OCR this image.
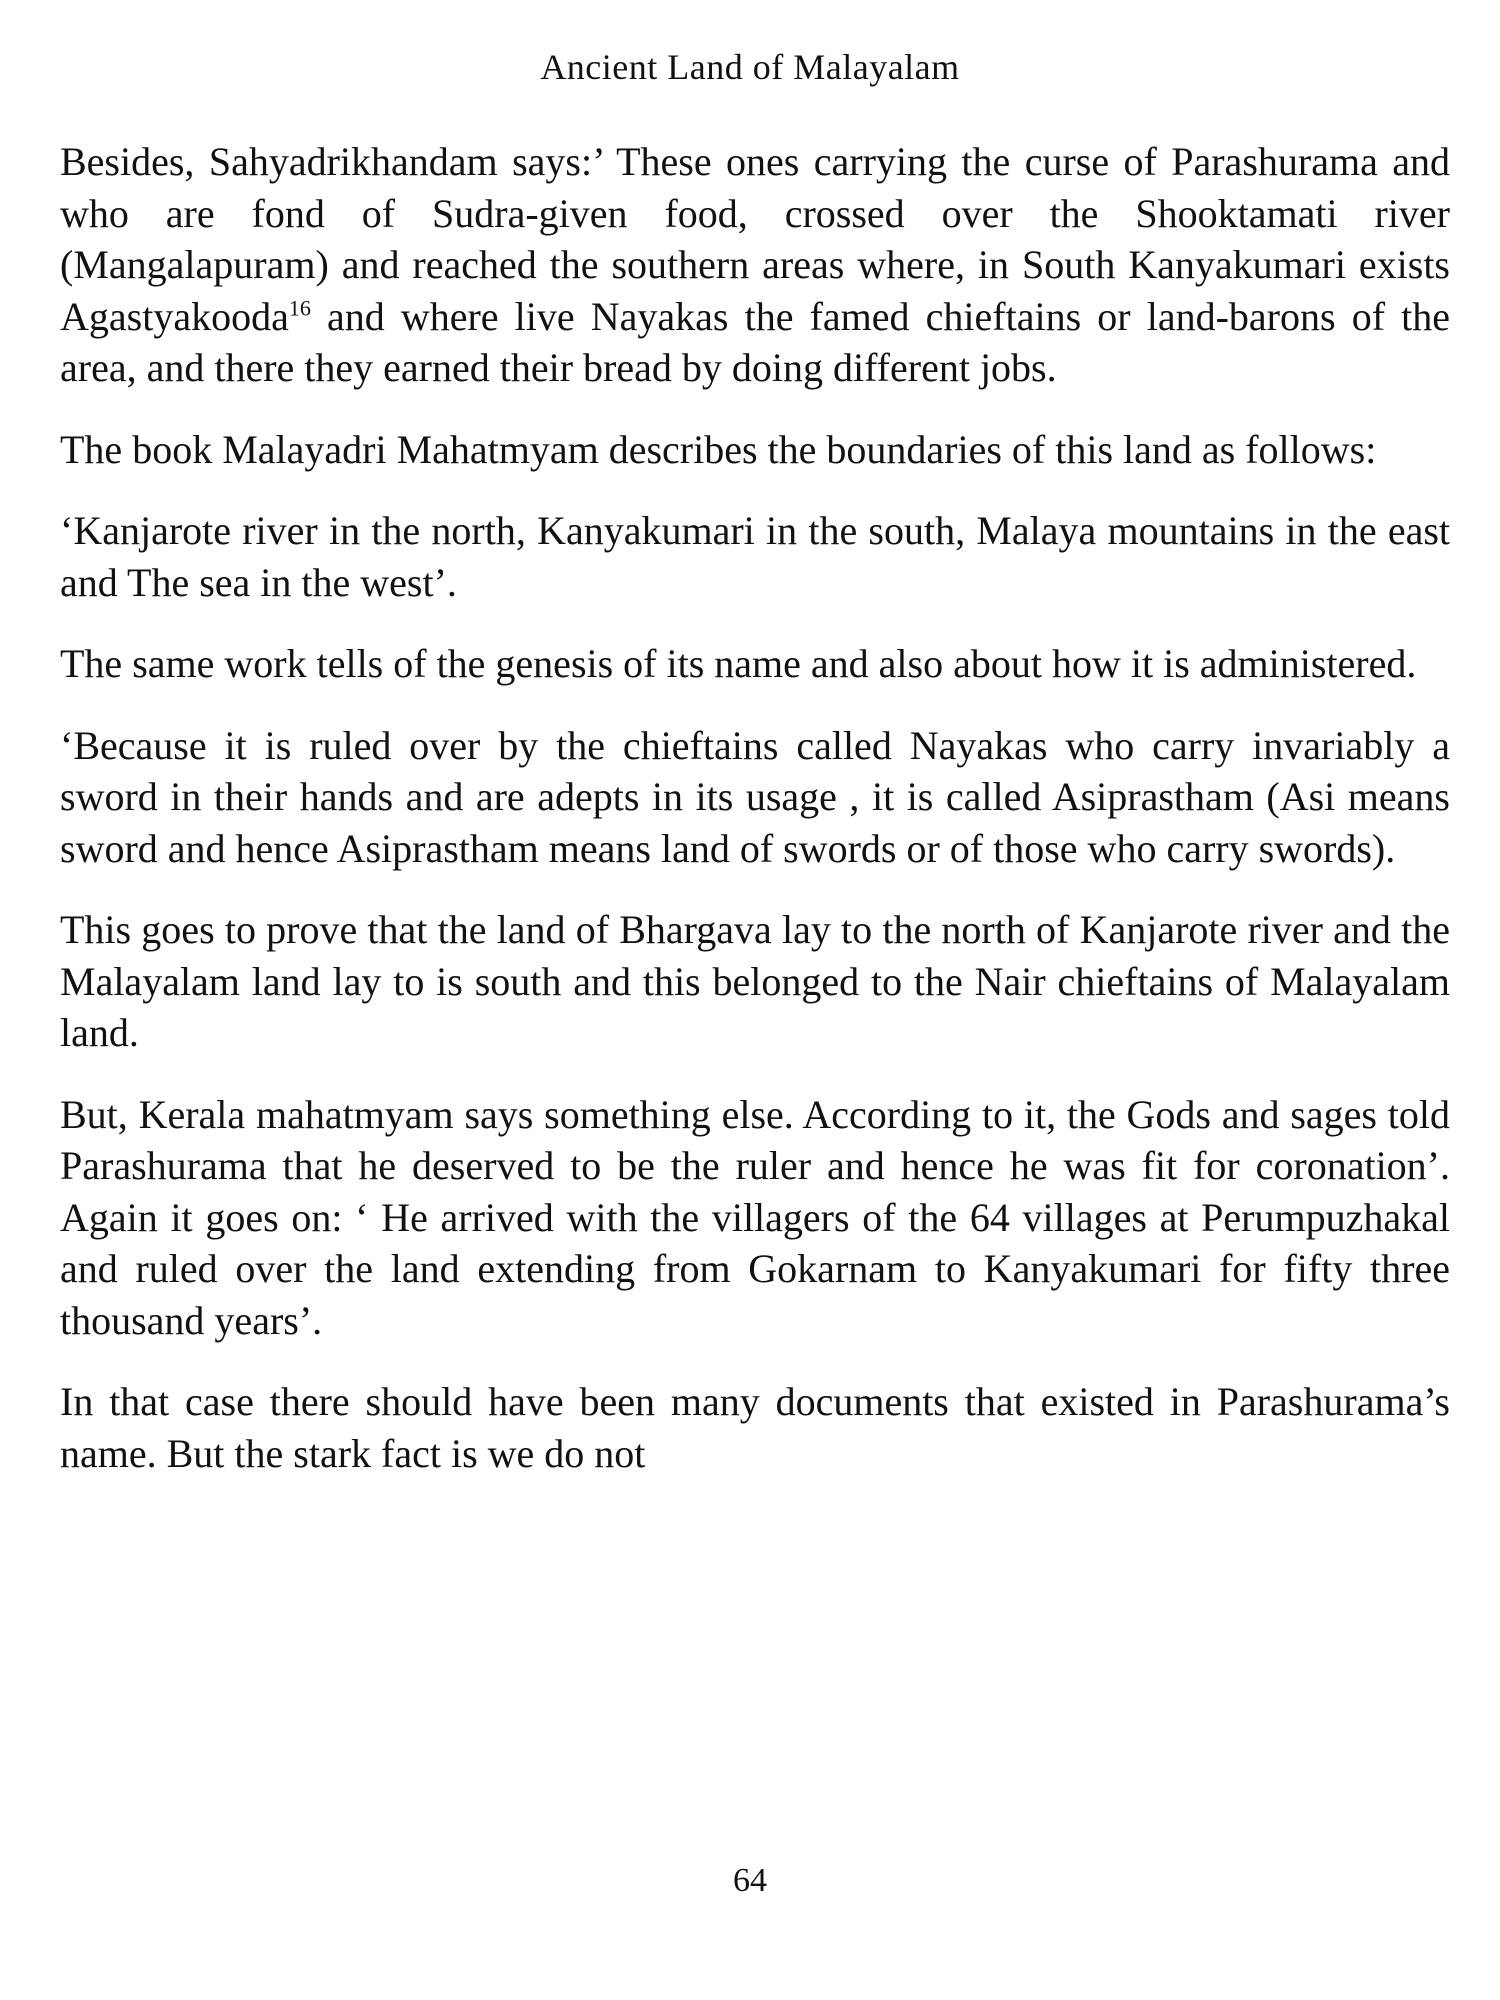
Ancient Land of Malayalam

Besides, Sahyadrikhandam says:’ These ones carrying the curse of Parashurama and who are fond of Sudra-given food, crossed over the Shooktamati river (Mangalapuram) and reached the southern areas where, in South Kanyakumari exists Agastyakooda$^{16}$ and where live Nayakas the famed chieftains or land-barons of the area, and there they earned their bread by doing different jobs.

The book Malayadri Mahatmyam describes the boundaries of this land as follows:

‘Kanjarote river in the north, Kanyakumari in the south, Malaya mountains in the east and The sea in the west’.

The same work tells of the genesis of its name and also about how it is administered.

‘Because it is ruled over by the chieftains called Nayakas who carry invariably a sword in their hands and are adepts in its usage , it is called Asiprastham (Asi means sword and hence Asiprastham means land of swords or of those who carry swords).

This goes to prove that the land of Bhargava lay to the north of Kanjarote river and the Malayalam land lay to is south and this belonged to the Nair chieftains of Malayalam land.

But, Kerala mahatmyam says something else. According to it, the Gods and sages told Parashurama that he deserved to be the ruler and hence he was fit for coronation’. Again it goes on: ‘ He arrived with the villagers of the 64 villages at Perumpuzhakal and ruled over the land extending from Gokarnam to Kanyakumari for fifty three thousand years’.

In that case there should have been many documents that existed in Parashurama’s name. But the stark fact is we do not

64
